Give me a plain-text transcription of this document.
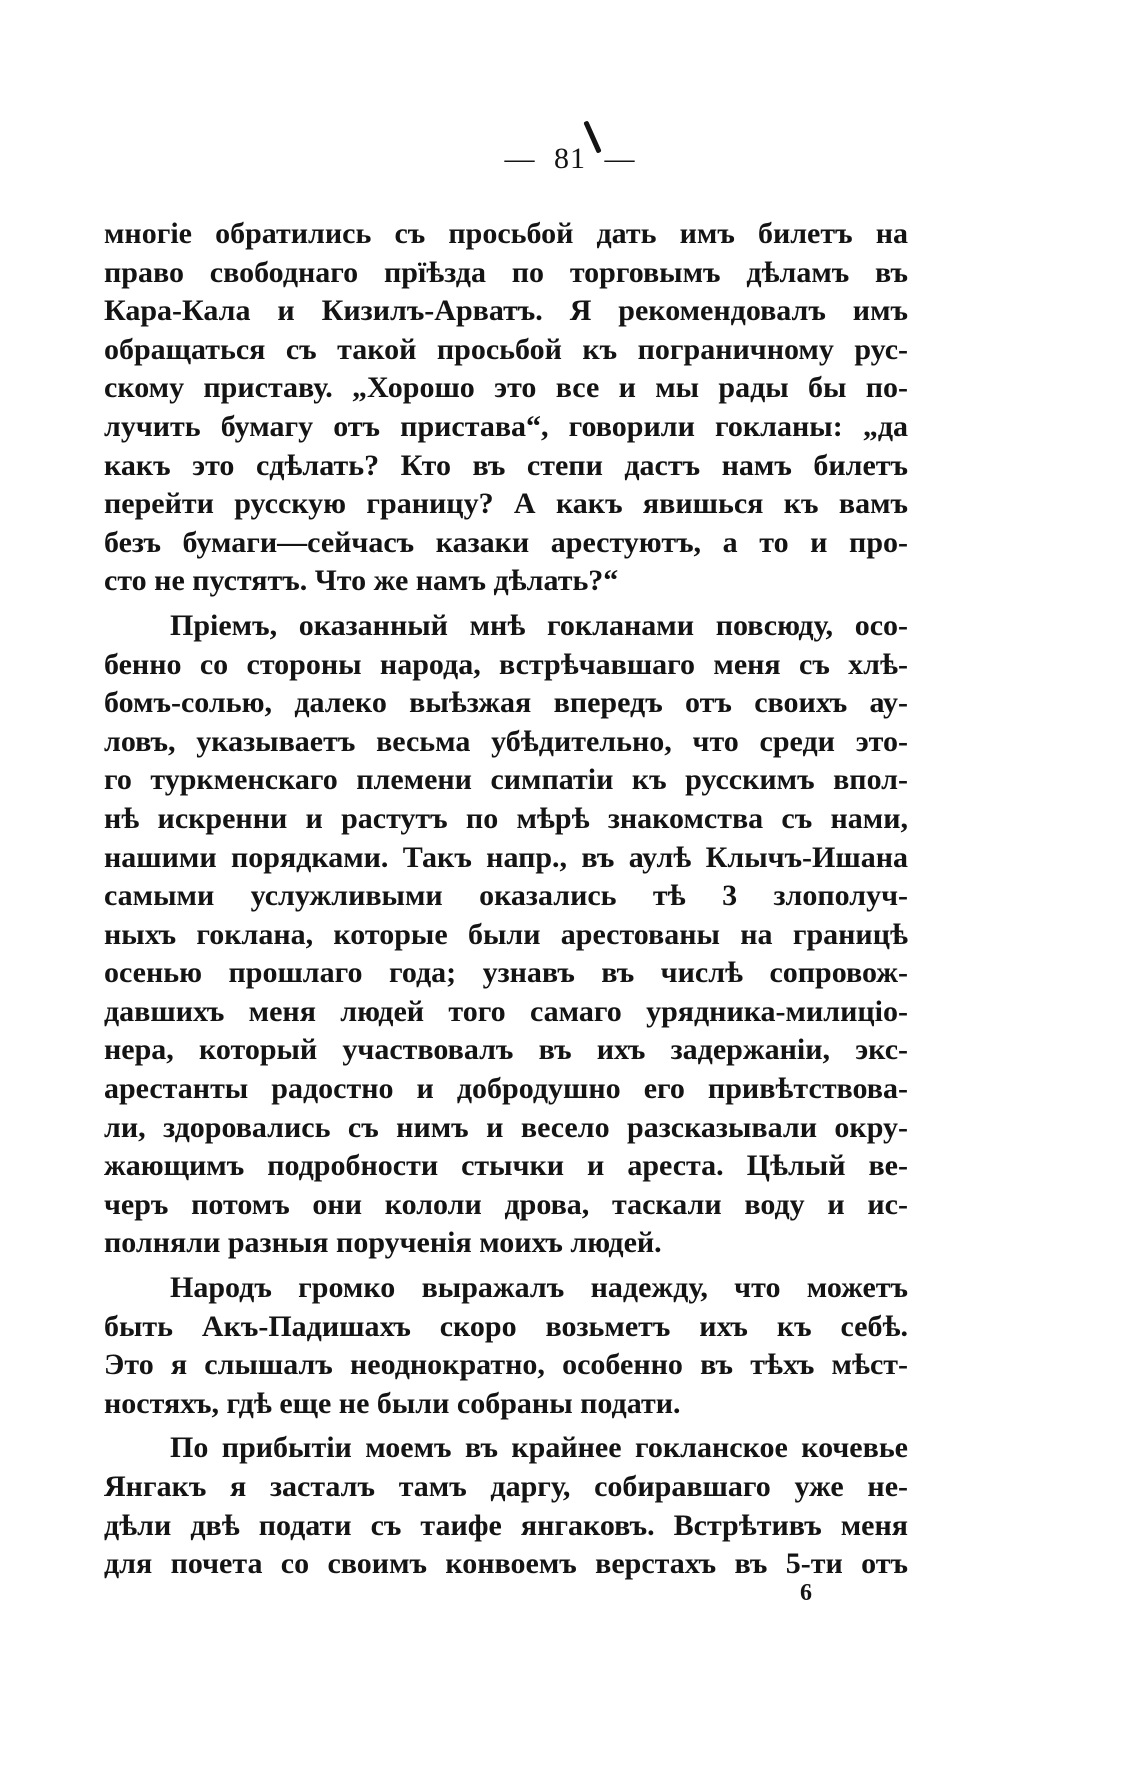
— 81 —
многіе обратились съ просьбой дать имъ билетъ на
право свободнаго прїѣзда по торговымъ дѣламъ въ
Кара-Кала и Кизилъ-Арватъ. Я рекомендовалъ имъ
обращаться съ такой просьбой къ пограничному рус-
скому приставу. „Хорошо это все и мы рады бы по-
лучить бумагу отъ пристава“, говорили гокланы: „да
какъ это сдѣлать? Кто въ степи дастъ намъ билетъ
перейти русскую границу? А какъ явишься къ вамъ
безъ бумаги—сейчасъ казаки арестуютъ, а то и про-
сто не пустятъ. Что же намъ дѣлать?“
Пріемъ, оказанный мнѣ гокланами повсюду, осо-
бенно со стороны народа, встрѣчавшаго меня съ хлѣ-
бомъ-солью, далеко выѣзжая впередъ отъ своихъ ау-
ловъ, указываетъ весьма убѣдительно, что среди это-
го туркменскаго племени симпатіи къ русскимъ впол-
нѣ искренни и растутъ по мѣрѣ знакомства съ нами,
нашими порядками. Такъ напр., въ аулѣ Клычъ-Ишана
самыми услужливыми оказались тѣ 3 злополуч-
ныхъ гоклана, которые были арестованы на границѣ
осенью прошлаго года; узнавъ въ числѣ сопровож-
давшихъ меня людей того самаго урядника-милиціо-
нера, который участвовалъ въ ихъ задержаніи, экс-
арестанты радостно и добродушно его привѣтствова-
ли, здоровались съ нимъ и весело разсказывали окру-
жающимъ подробности стычки и ареста. Цѣлый ве-
черъ потомъ они кололи дрова, таскали воду и ис-
полняли разныя порученія моихъ людей.
Народъ громко выражалъ надежду, что можетъ
быть Акъ-Падишахъ скоро возьметъ ихъ къ себѣ.
Это я слышалъ неоднократно, особенно въ тѣхъ мѣст-
ностяхъ, гдѣ еще не были собраны подати.
По прибытіи моемъ въ крайнее гокланское кочевье
Янгакъ я засталъ тамъ даргу, собиравшаго уже не-
дѣли двѣ подати съ таифе янгаковъ. Встрѣтивъ меня
для почета со своимъ конвоемъ верстахъ въ 5-ти отъ
6
